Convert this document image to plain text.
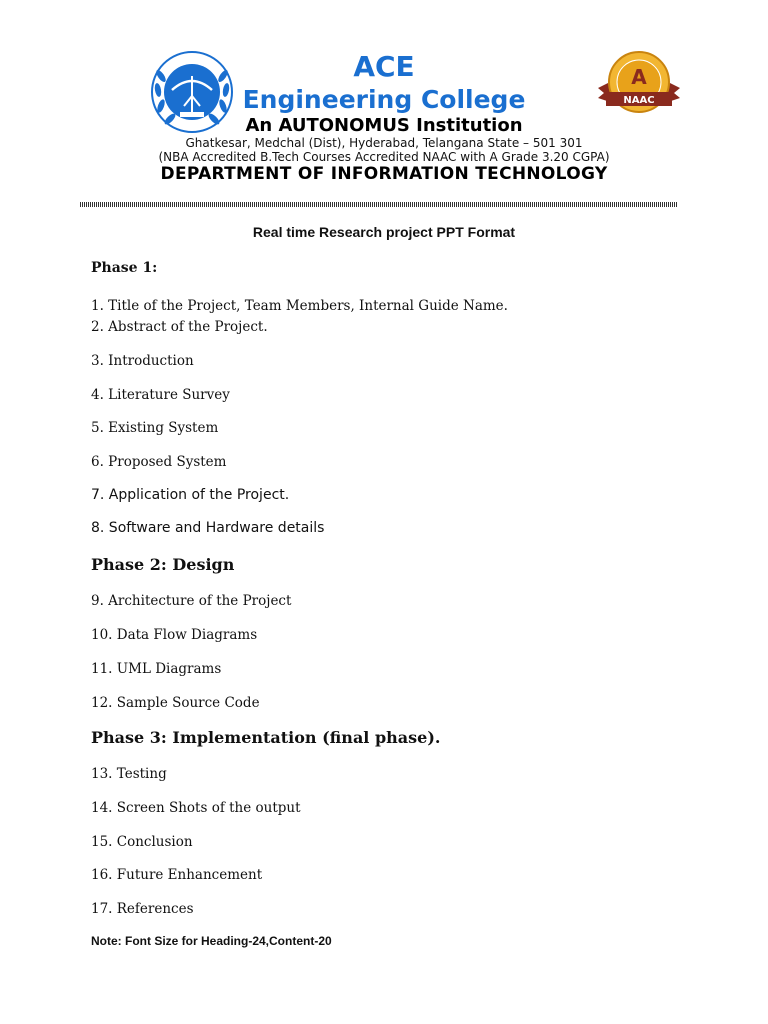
A
NAAC
ACE
Engineering College
An AUTONOMUS Institution
Ghatkesar, Medchal (Dist), Hyderabad, Telangana State – 501 301
(NBA Accredited B.Tech Courses Accredited NAAC with A Grade 3.20 CGPA)
DEPARTMENT OF INFORMATION TECHNOLOGY
Real time Research project PPT Format
Phase 1:
1. Title of the Project, Team Members, Internal Guide Name.
2. Abstract of the Project.
3. Introduction
4. Literature Survey
5. Existing System
6. Proposed System
7. Application of the Project.
8. Software and Hardware details
Phase 2: Design
9. Architecture of the Project
10. Data Flow Diagrams
11. UML Diagrams
12. Sample Source Code
Phase 3: Implementation (final phase).
13. Testing
14. Screen Shots of the output
15. Conclusion
16. Future Enhancement
17. References
Note: Font Size for Heading-24,Content-20
